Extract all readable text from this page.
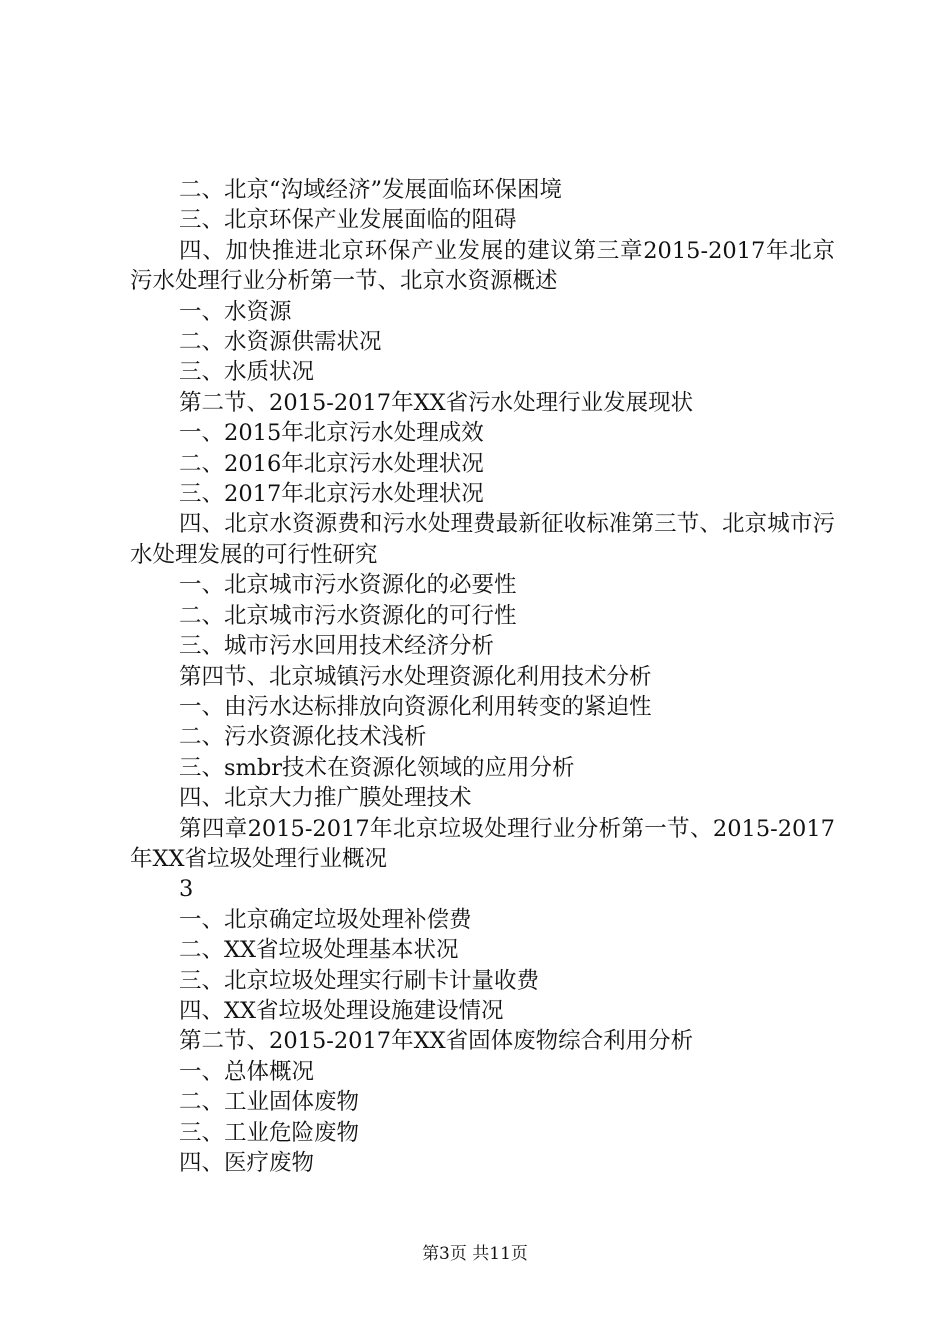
二、北京“沟域经济”发展面临环保困境

三、北京环保产业发展面临的阻碍

四、加快推进北京环保产业发展的建议第三章2015-2017年北京污水处理行业分析第一节、北京水资源概述

一、水资源

二、水资源供需状况

三、水质状况

第二节、2015-2017年XX省污水处理行业发展现状

一、2015年北京污水处理成效

二、2016年北京污水处理状况

三、2017年北京污水处理状况

四、北京水资源费和污水处理费最新征收标准第三节、北京城市污水处理发展的可行性研究

一、北京城市污水资源化的必要性

二、北京城市污水资源化的可行性

三、城市污水回用技术经济分析

第四节、北京城镇污水处理资源化利用技术分析

一、由污水达标排放向资源化利用转变的紧迫性

二、污水资源化技术浅析

三、smbr技术在资源化领域的应用分析

四、北京大力推广膜处理技术

第四章2015-2017年北京垃圾处理行业分析第一节、2015-2017年XX省垃圾处理行业概况

3

一、北京确定垃圾处理补偿费

二、XX省垃圾处理基本状况

三、北京垃圾处理实行刷卡计量收费

四、XX省垃圾处理设施建设情况

第二节、2015-2017年XX省固体废物综合利用分析

一、总体概况

二、工业固体废物

三、工业危险废物

四、医疗废物

第3页 共11页
